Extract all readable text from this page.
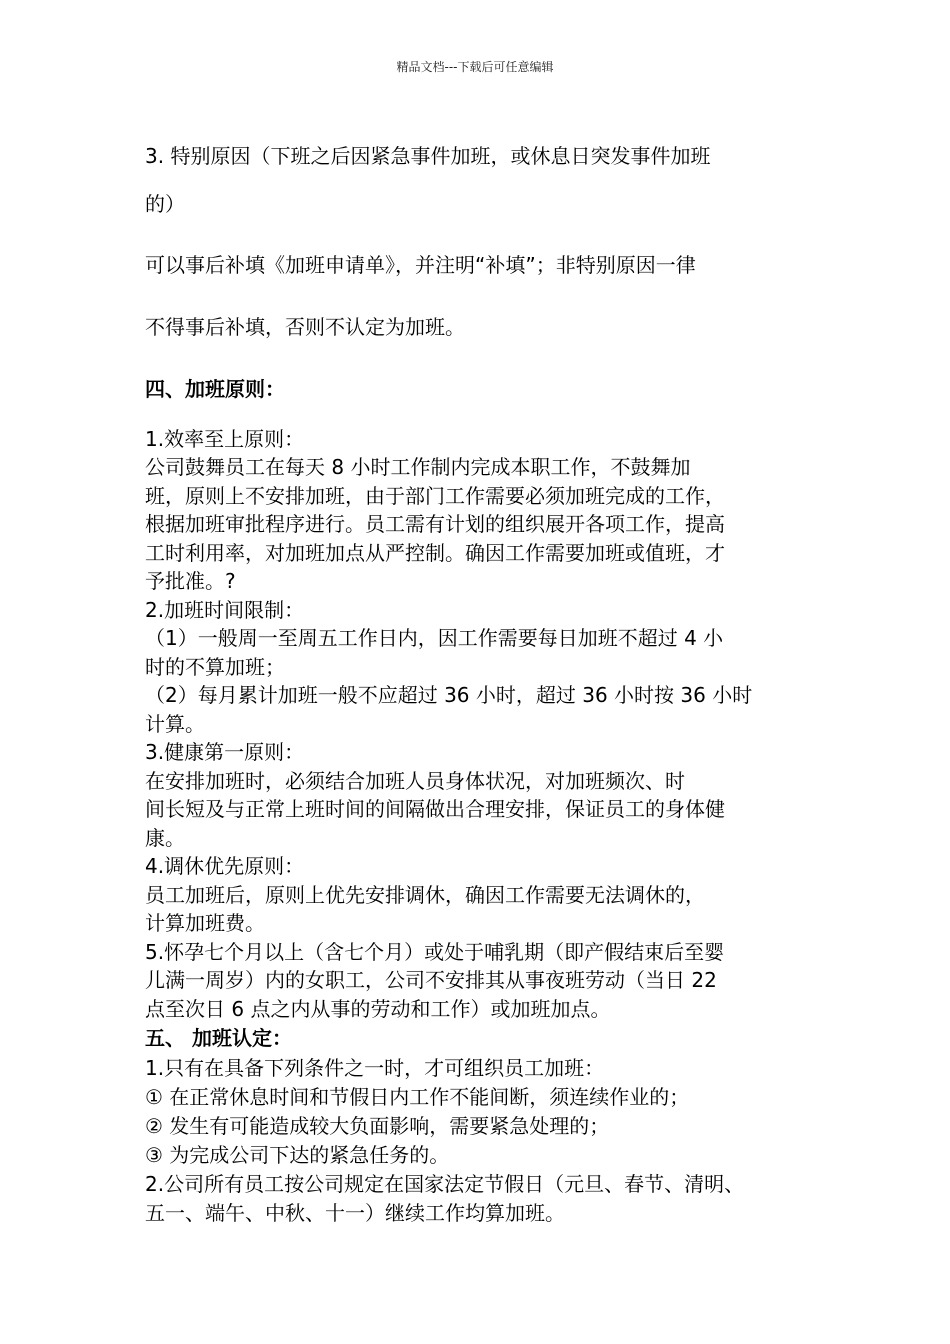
精品文档---下载后可任意编辑
3. 特别原因（下班之后因紧急事件加班，或休息日突发事件加班
的）
可以事后补填《加班申请单》，并注明“补填”；非特别原因一律
不得事后补填，否则不认定为加班。
四、加班原则：
1.效率至上原则：
公司鼓舞员工在每天 8 小时工作制内完成本职工作，不鼓舞加
班，原则上不安排加班，由于部门工作需要必须加班完成的工作，
根据加班审批程序进行。员工需有计划的组织展开各项工作，提高
工时利用率，对加班加点从严控制。确因工作需要加班或值班，才
予批准。?
2.加班时间限制：
（1）一般周一至周五工作日内，因工作需要每日加班不超过 4 小
时的不算加班；
（2）每月累计加班一般不应超过 36 小时，超过 36 小时按 36 小时
计算。
3.健康第一原则：
在安排加班时，必须结合加班人员身体状况，对加班频次、时
间长短及与正常上班时间的间隔做出合理安排，保证员工的身体健
康。
4.调休优先原则：
员工加班后，原则上优先安排调休，确因工作需要无法调休的，
计算加班费。
5.怀孕七个月以上（含七个月）或处于哺乳期（即产假结束后至婴
儿满一周岁）内的女职工，公司不安排其从事夜班劳动（当日 22
点至次日 6 点之内从事的劳动和工作）或加班加点。
五、 加班认定：
1.只有在具备下列条件之一时，才可组织员工加班：
① 在正常休息时间和节假日内工作不能间断，须连续作业的；
② 发生有可能造成较大负面影响，需要紧急处理的；
③ 为完成公司下达的紧急任务的。
2.公司所有员工按公司规定在国家法定节假日（元旦、春节、清明、
五一、端午、中秋、十一）继续工作均算加班。
